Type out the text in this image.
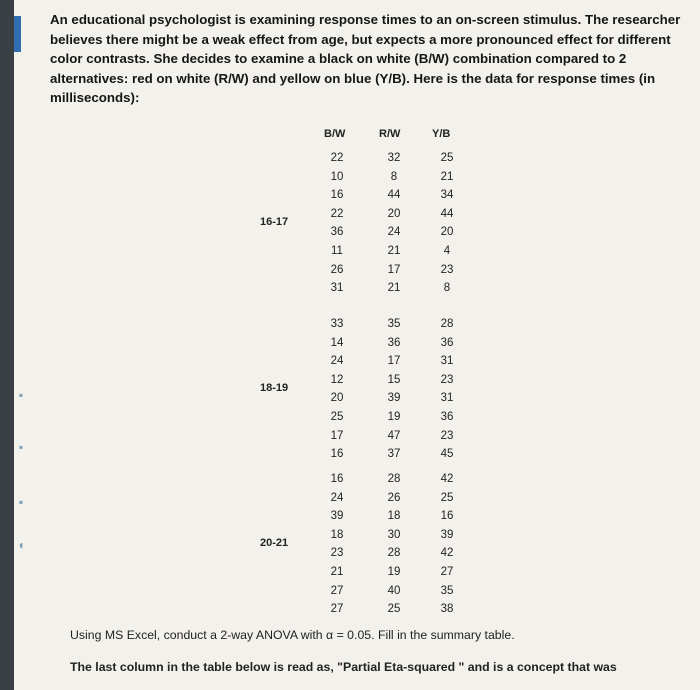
▪
▪
▪
◖
An educational psychologist is examining response times to an on-screen stimulus. The researcher
believes there might be a weak effect from age, but expects a more pronounced effect for different
color contrasts. She decides to examine a black on white (B/W) combination compared to 2
alternatives: red on white (R/W) and yellow on blue (Y/B). Here is the data for response times (in
milliseconds):
B/W	R/W	Y/B
16-17
22	32	25
10	8	21
16	44	34
22	20	44
36	24	20
11	21	4
26	17	23
31	21	8
18-19
33	35	28
14	36	36
24	17	31
12	15	23
20	39	31
25	19	36
17	47	23
16	37	45
20-21
16	28	42
24	26	25
39	18	16
18	30	39
23	28	42
21	19	27
27	40	35
27	25	38
Using MS Excel, conduct a 2-way ANOVA with α = 0.05. Fill in the summary table.
The last column in the table below is read as, "Partial Eta-squared " and is a concept that was
